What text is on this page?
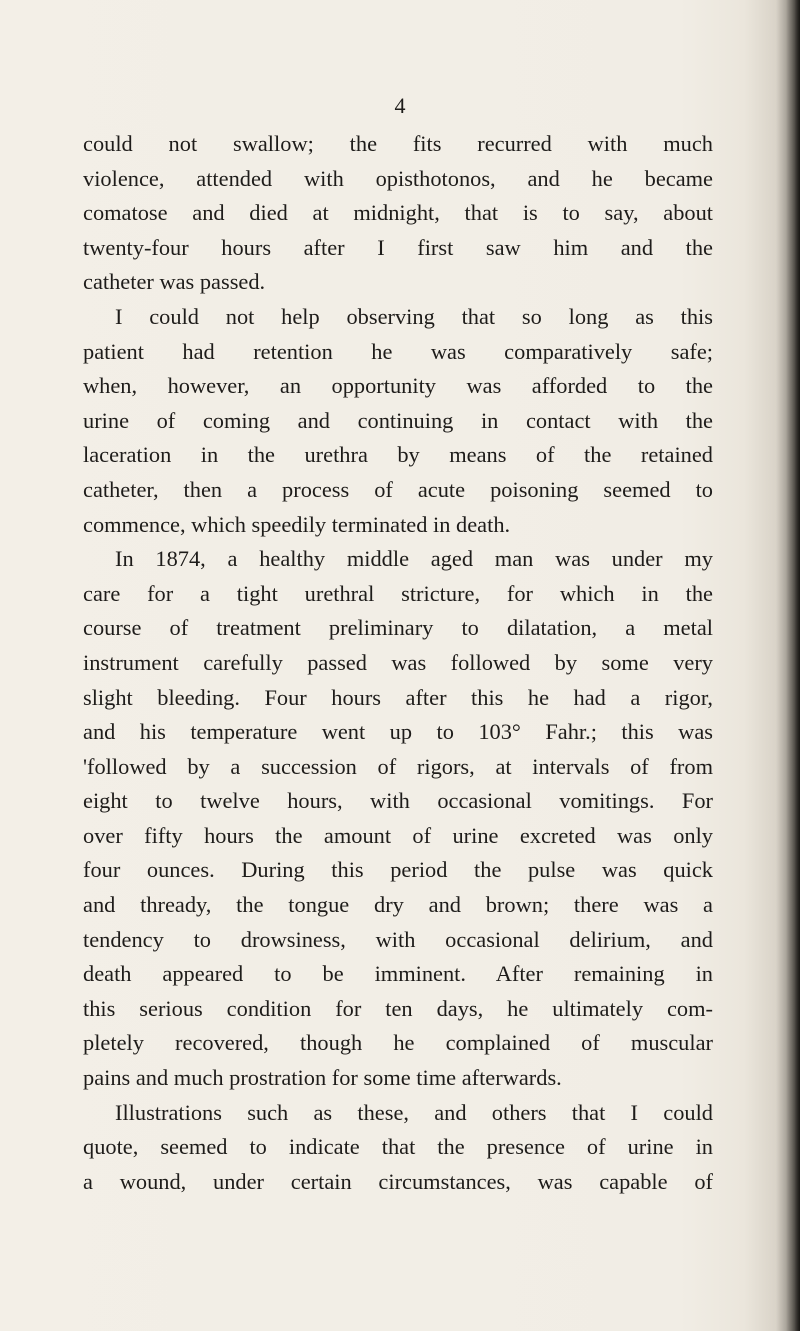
4
could not swallow; the fits recurred with much
violence, attended with opisthotonos, and he became
comatose and died at midnight, that is to say, about
twenty-four hours after I first saw him and the
catheter was passed.
I could not help observing that so long as this
patient had retention he was comparatively safe;
when, however, an opportunity was afforded to the
urine of coming and continuing in contact with the
laceration in the urethra by means of the retained
catheter, then a process of acute poisoning seemed to
commence, which speedily terminated in death.
In 1874, a healthy middle aged man was under my
care for a tight urethral stricture, for which in the
course of treatment preliminary to dilatation, a metal
instrument carefully passed was followed by some very
slight bleeding. Four hours after this he had a rigor,
and his temperature went up to 103° Fahr.; this was
'followed by a succession of rigors, at intervals of from
eight to twelve hours, with occasional vomitings. For
over fifty hours the amount of urine excreted was only
four ounces. During this period the pulse was quick
and thready, the tongue dry and brown; there was a
tendency to drowsiness, with occasional delirium, and
death appeared to be imminent. After remaining in
this serious condition for ten days, he ultimately com-
pletely recovered, though he complained of muscular
pains and much prostration for some time afterwards.
Illustrations such as these, and others that I could
quote, seemed to indicate that the presence of urine in
a wound, under certain circumstances, was capable of
